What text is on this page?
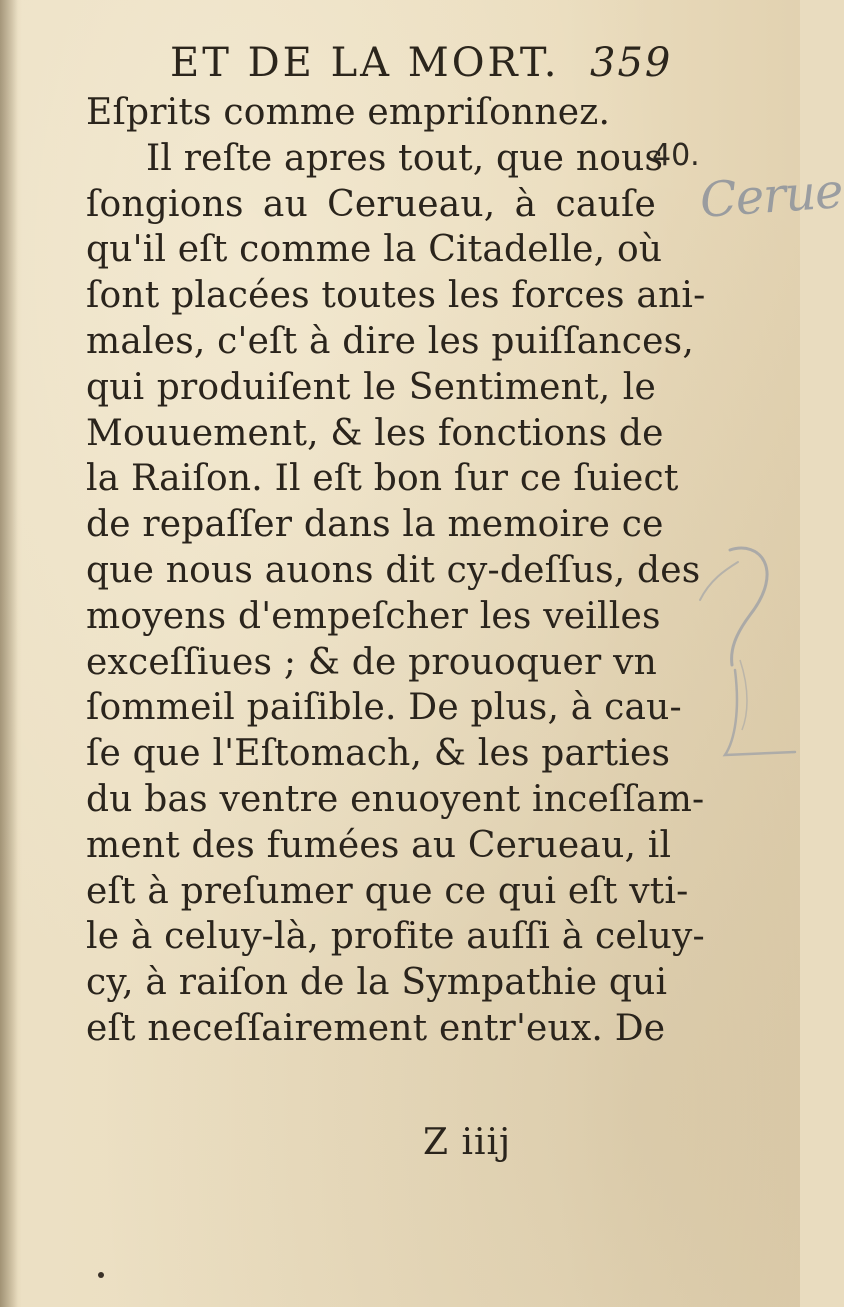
ET DE LA MORT. 359
Eſprits comme empriſonnez.
Il reſte apres tout, que nous
ſongions au Cerueau, à cauſe
qu'il eſt comme la Citadelle, où
ſont placées toutes les forces ani-
males, c'eſt à dire les puiſſances,
qui produiſent le Sentiment, le
Mouuement, & les fonctions de
la Raiſon. Il eſt bon ſur ce ſuiect
de repaſſer dans la memoire ce
que nous auons dit cy-deſſus, des
moyens d'empeſcher les veilles
exceſſiues ; & de prouoquer vn
ſommeil paiſible. De plus, à cau-
ſe que l'Eſtomach, & les parties
du bas ventre enuoyent inceſſam-
ment des fumées au Cerueau, il
eſt à preſumer que ce qui eſt vti-
le à celuy-là, profite auſſi à celuy-
cy, à raiſon de la Sympathie qui
eſt neceſſairement entr'eux. De
Z iiij
40.
Cerue
